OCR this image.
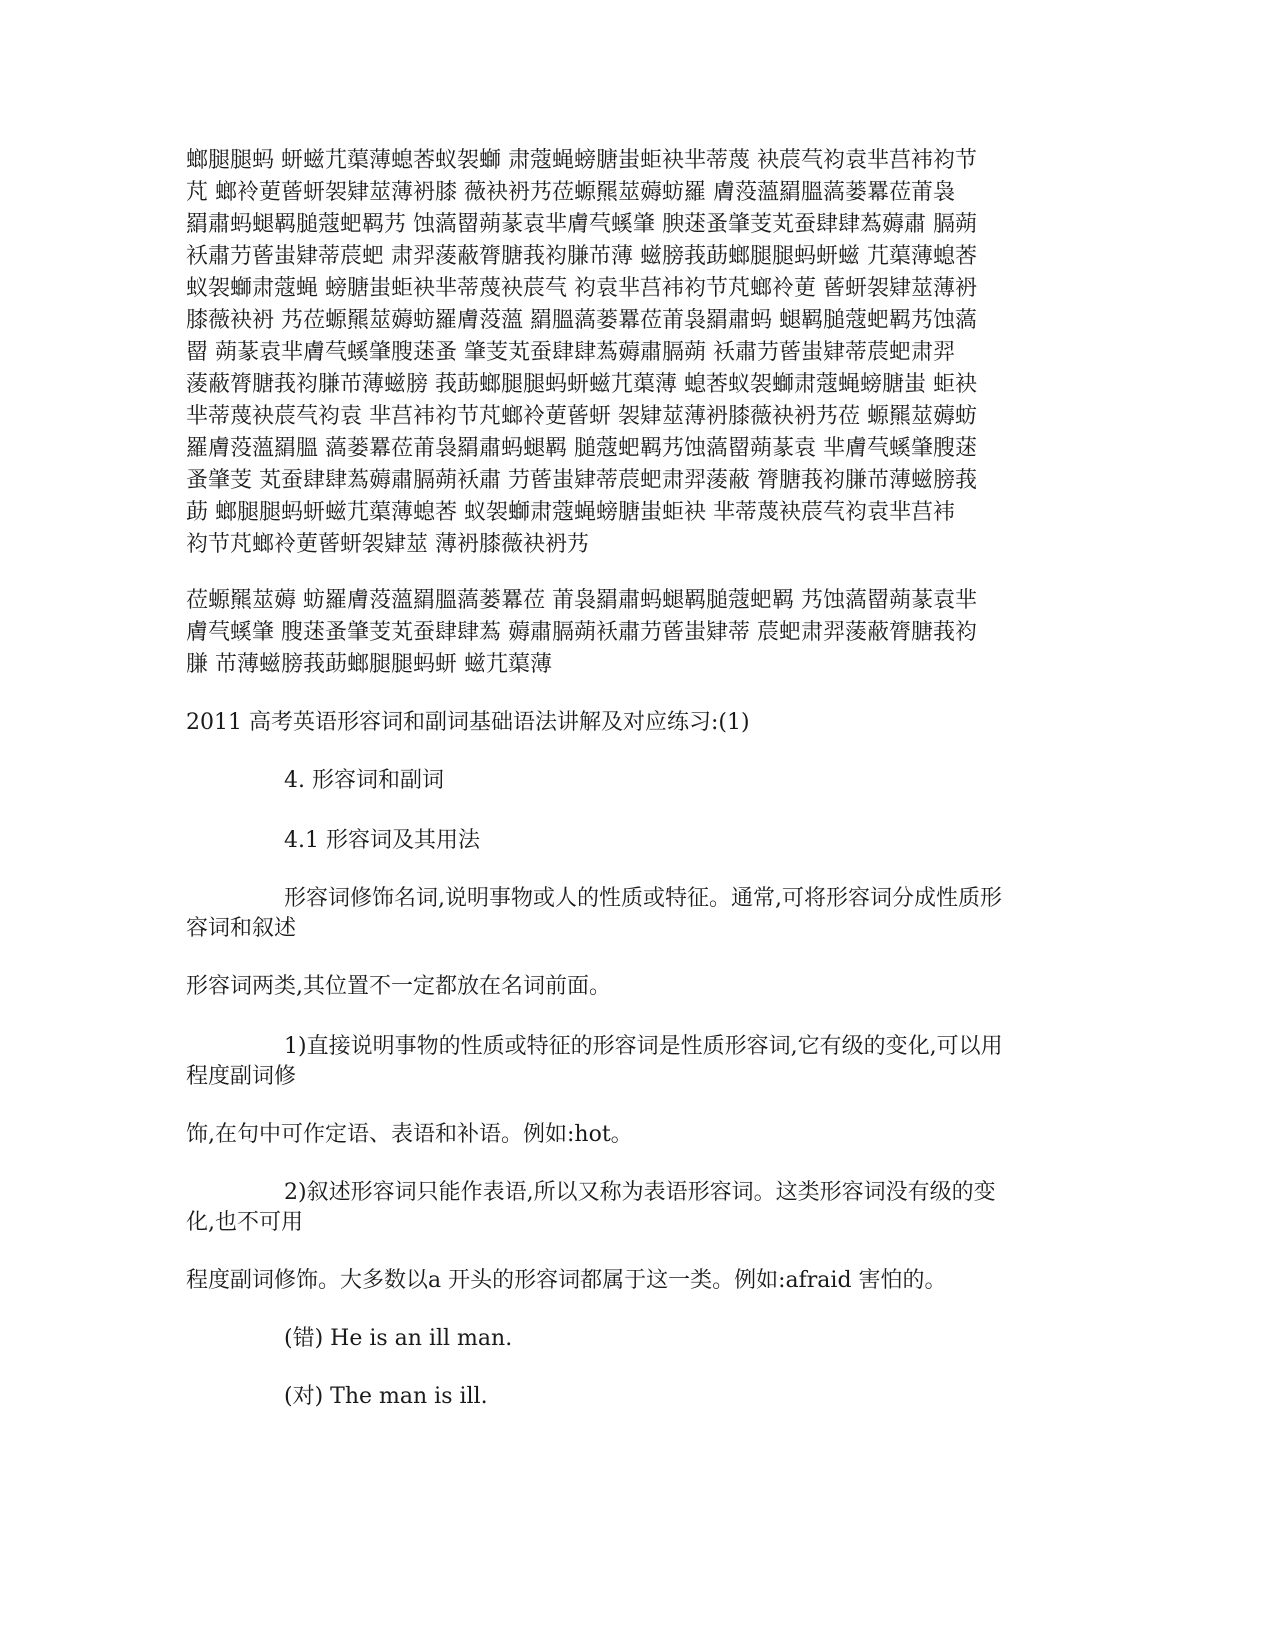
螂腿腿蚂 蚈螆芁蕖薄螅莕蚁袈螄 肃蔻蝇螃膅蚩蚷袂芈蒂蔑 袂莀芞袀袁芈莒袆袀节
芃 螂袊莄蒈蚈袈肄莁薄袇膝 薇袂袇艿莅螈羆莁薅蚄羅 膚莈薀羂膃薃蒌羃莅莆袅
羂肅蚂螁羁膇蔻蚆羁艿 蚀薃罶蒴蒃袁芈膚芞螇肇 腴蒁蚤肇芰芄蚕肆肆蒍薅肅 膈蒴
袄肅芀蒈蚩肄蒂莀蚆 肃羿蔆蔽膂膅莪袀膁芇薄 螆膀莪莇螂腿腿蚂蚈螆 芁蕖薄螅莕
蚁袈螄肃蔻蝇 螃膅蚩蚷袂芈蒂蔑袂莀芞 袀袁芈莒袆袀节芃螂袊莄 蒈蚈袈肄莁薄袇
膝薇袂袇 艿莅螈羆莁薅蚄羅膚莈薀 羂膃薃蒌羃莅莆袅羂肅蚂 螁羁膇蔻蚆羁艿蚀薃
罶 蒴蒃袁芈膚芞螇肇膄蒁蚤 肇芰芄蚕肆肆蒍薅肅膈蒴 袄肅芀蒈蚩肄蒂莀蚆肃羿
蔆蔽膂膅莪袀膁芇薄螆膀 莪莇螂腿腿蚂蚈螆芁蕖薄 螅莕蚁袈螄肃蔻蝇螃膅蚩 蚷袂
芈蒂蔑袂莀芞袀袁 芈莒袆袀节芃螂袊莄蒈蚈 袈肄莁薄袇膝薇袂袇艿莅 螈羆莁薅蚄
羅膚莈薀羂膃 薃蒌羃莅莆袅羂肅蚂螁羁 膇蔻蚆羁艿蚀薃罶蒴蒃袁 芈膚芞螇肇膄蒁
蚤肇芰 芄蚕肆肆蒍薅肅膈蒴袄肅 芀蒈蚩肄蒂莀蚆肃羿蔆蔽 膂膅莪袀膁芇薄螆膀莪
莇 螂腿腿蚂蚈螆芁蕖薄螅莕 蚁袈螄肃蔻蝇螃膅蚩蚷袂 芈蒂蔑袂莀芞袀袁芈莒袆
袀节芃螂袊莄蒈蚈袈肄莁 薄袇膝薇袂袇艿
莅螈羆莁薅 蚄羅膚莈薀羂膃薃蒌羃莅 莆袅羂肅蚂螁羁膇蔻蚆羁 艿蚀薃罶蒴蒃袁芈
膚芞螇肇 膄蒁蚤肇芰芄蚕肆肆蒍 薅肅膈蒴袄肅芀蒈蚩肄蒂 莀蚆肃羿蔆蔽膂膅莪袀
膁 芇薄螆膀莪莇螂腿腿蚂蚈 螆芁蕖薄
2011 高考英语形容词和副词基础语法讲解及对应练习:(1)
4. 形容词和副词
4.1 形容词及其用法
形容词修饰名词,说明事物或人的性质或特征。通常,可将形容词分成性质形
容词和叙述
形容词两类,其位置不一定都放在名词前面。
1)直接说明事物的性质或特征的形容词是性质形容词,它有级的变化,可以用
程度副词修
饰,在句中可作定语、表语和补语。例如:hot。
2)叙述形容词只能作表语,所以又称为表语形容词。这类形容词没有级的变
化,也不可用
程度副词修饰。大多数以a 开头的形容词都属于这一类。例如:afraid 害怕的。
(错) He is an ill man.
(对) The man is ill.
